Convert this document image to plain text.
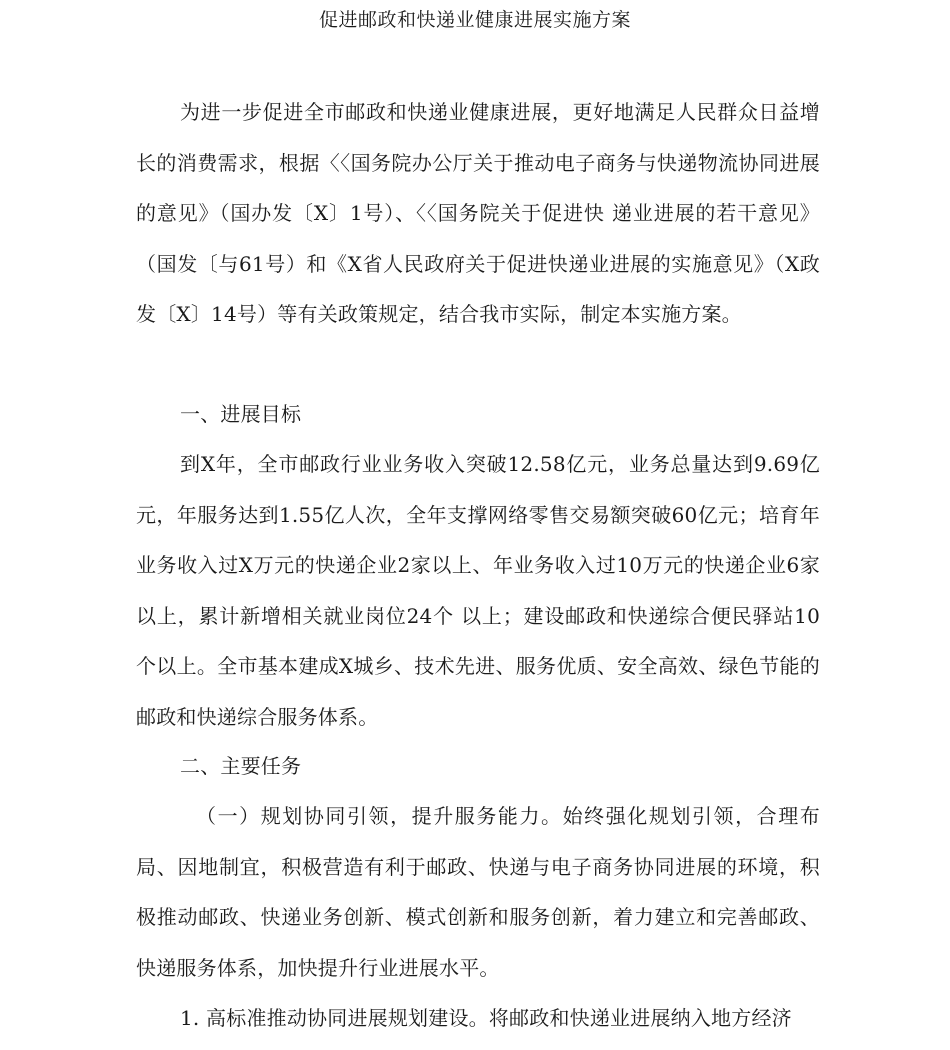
促进邮政和快递业健康进展实施方案

为进一步促进全市邮政和快递业健康进展，更好地满足人民群众日益增长的消费需求，根据〈〈国务院办公厅关于推动电子商务与快递物流协同进展的意见》（国办发〔X〕1号）、〈〈国务院关于促进快 递业进展的若干意见》（国发〔与61号）和《X省人民政府关于促进快递业进展的实施意见》（X政发〔X〕14号）等有关政策规定，结合我市实际，制定本实施方案。

一、进展目标

到X年，全市邮政行业业务收入突破12.58亿元，业务总量达到9.69亿元，年服务达到1.55亿人次，全年支撑网络零售交易额突破60亿元；培育年业务收入过X万元的快递企业2家以上、年业务收入过10万元的快递企业6家以上，累计新增相关就业岗位24个 以上；建设邮政和快递综合便民驿站10个以上。全市基本建成X城乡、技术先进、服务优质、安全高效、绿色节能的邮政和快递综合服务体系。

二、主要任务

（一）规划协同引领，提升服务能力。始终强化规划引领，合理布局、因地制宜，积极营造有利于邮政、快递与电子商务协同进展的环境，积极推动邮政、快递业务创新、模式创新和服务创新，着力建立和完善邮政、快递服务体系，加快提升行业进展水平。

1. 高标准推动协同进展规划建设。将邮政和快递业进展纳入地方经济
